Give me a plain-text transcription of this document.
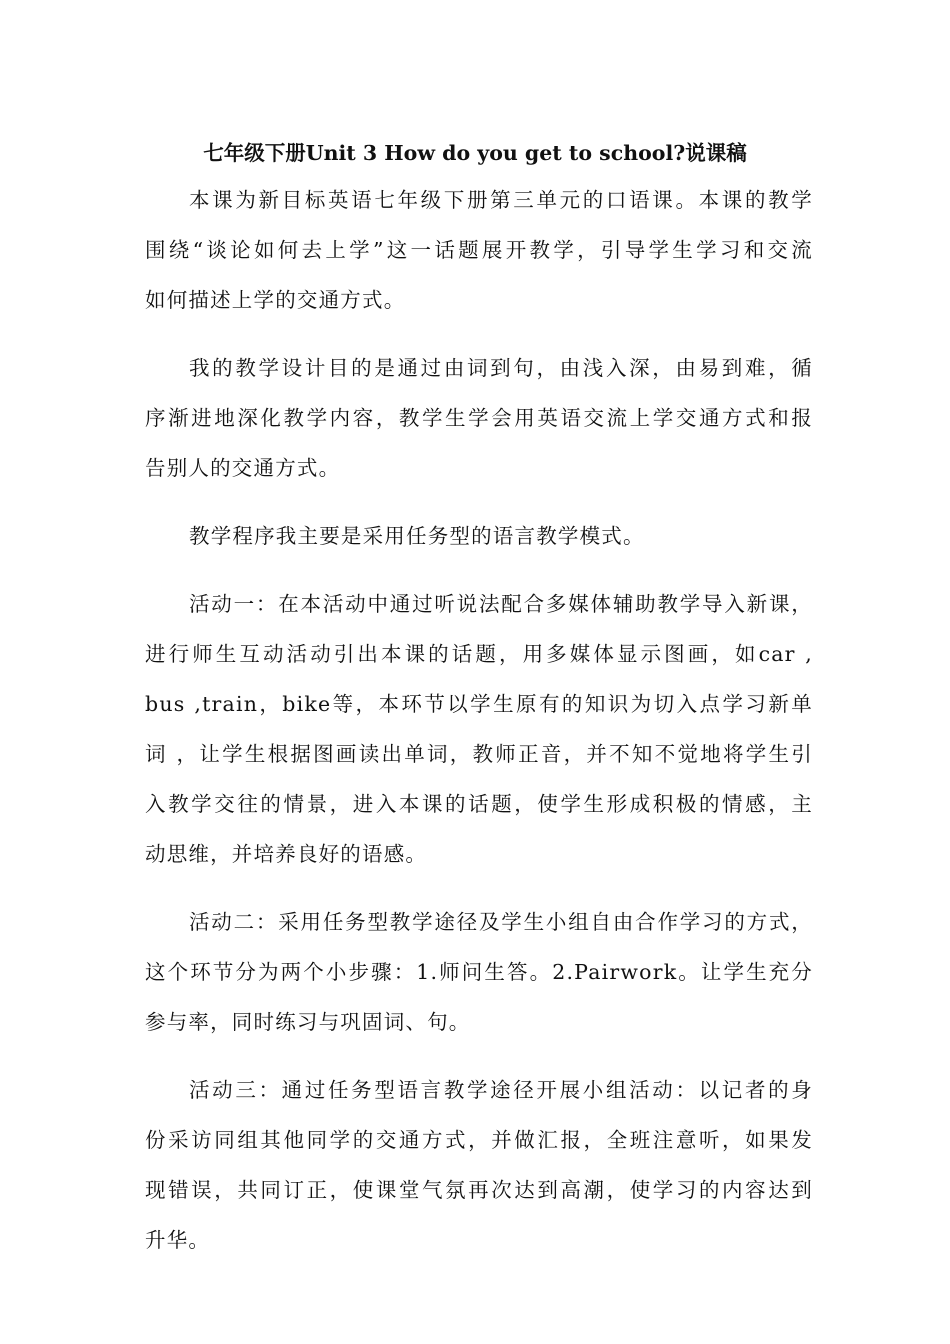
七年级下册Unit 3 How do you get to school?说课稿
本课为新目标英语七年级下册第三单元的口语课。本课的教学
围绕“谈论如何去上学”这一话题展开教学，引导学生学习和交流
如何描述上学的交通方式。
我的教学设计目的是通过由词到句，由浅入深，由易到难，循
序渐进地深化教学内容，教学生学会用英语交流上学交通方式和报
告别人的交通方式。
教学程序我主要是采用任务型的语言教学模式。
活动一：在本活动中通过听说法配合多媒体辅助教学导入新课，
进行师生互动活动引出本课的话题，用多媒体显示图画，如car ,
bus ,train，bike等，本环节以学生原有的知识为切入点学习新单
词 ，让学生根据图画读出单词，教师正音，并不知不觉地将学生引
入教学交往的情景，进入本课的话题，使学生形成积极的情感，主
动思维，并培养良好的语感。
活动二：采用任务型教学途径及学生小组自由合作学习的方式，
这个环节分为两个小步骤：1.师问生答。2.Pairwork。让学生充分
参与率，同时练习与巩固词、句。
活动三：通过任务型语言教学途径开展小组活动：以记者的身
份采访同组其他同学的交通方式，并做汇报，全班注意听，如果发
现错误，共同订正，使课堂气氛再次达到高潮，使学习的内容达到
升华。
